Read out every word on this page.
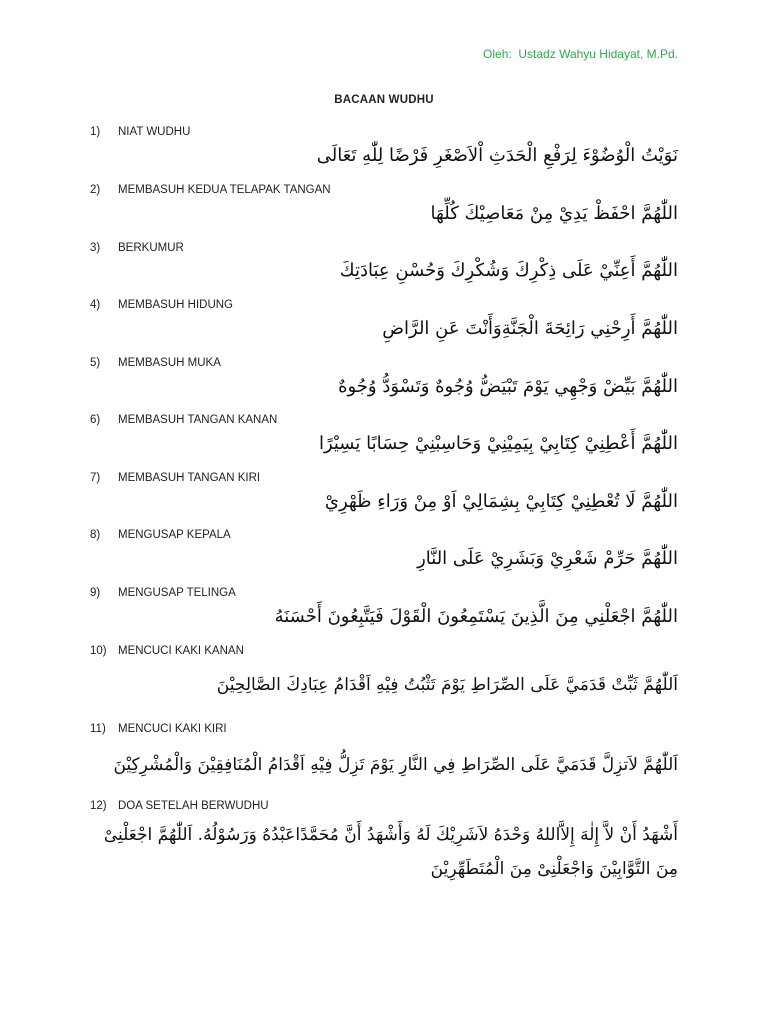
Oleh:  Ustadz Wahyu Hidayat, M.Pd.
BACAAN WUDHU
1)	NIAT WUDHU
نَوَيْتُ الْوُضُوْءَ لِرَفْعِ الْحَدَثِ اْلاَصْغَرِ فَرْضًا لِلّٰهِ تَعَالَى
2)	MEMBASUH KEDUA TELAPAK TANGAN
اللّٰهُمَّ احْفَظْ يَدِيْ مِنْ مَعَاصِيْكَ كُلِّهَا
3)	BERKUMUR
اللّٰهُمَّ أَعِنِّيْ عَلَى ذِكْرِكَ وَشُكْرِكَ وَحُسْنِ عِبَادَتِكَ
4)	MEMBASUH HIDUNG
اللّٰهُمَّ أَرِحْنِي رَائِحَةَ الْجَنَّةِوَأَنْتَ عَنِ الرَّاضِ
5)	MEMBASUH MUKA
اللّٰهُمَّ بَيِّضْ وَجْهِي يَوْمَ تَبْيَضُّ وُجُوهٌ وَتَسْوَدُّ وُجُوهٌ
6)	MEMBASUH TANGAN KANAN
اللّٰهُمَّ أَعْطِنِيْ كِتَابِيْ بِيَمِيْنِيْ وَحَاسِبْنِيْ حِسَابًا يَسِيْرًا
7)	MEMBASUH TANGAN KIRI
اللّٰهُمَّ لَا تُعْطِنِيْ كِتَابِيْ بِشِمَالِيْ اَوْ مِنْ وَرَاءِ ظَهْرِيْ
8)	MENGUSAP KEPALA
اللّٰهُمَّ حَرِّمْ شَعْرِيْ وَبَشَرِيْ عَلَى النَّارِ
9)	MENGUSAP TELINGA
اللّٰهُمَّ اجْعَلْنِي مِنَ الَّذِينَ يَسْتَمِعُونَ الْقَوْلَ فَيَتَّبِعُونَ أَحْسَنَهُ
10) MENCUCI KAKI KANAN
اَللّٰهُمَّ ثَبِّتْ قَدَمَيَّ عَلَى الصِّرَاطِ يَوْمَ تَثْبُتُ فِيْهِ اَقْدَامُ عِبَادِكَ الصَّالِحِيْنَ
11)	MENCUCI KAKI KIRI
اَللّٰهُمَّ لاَتزِلَّ قَدَمَيَّ عَلَى الصِّرَاطِ فِي النَّارِ يَوْمَ تَزِلُّ فِيْهِ اَقْدَامُ الْمُنَافِقِيْنَ وَالْمُشْرِكِيْنَ
12) DOA SETELAH BERWUDHU
أَشْهَدُ أَنْ لاَّ إِلٰهَ إِلاَّاللهُ وَحْدَهُ لاَشَرِيْكَ لَهُ وَأَشْهَدُ أَنَّ مُحَمَّدًاعَبْدُهُ وَرَسُوْلُهُ. اَللّٰهُمَّ اجْعَلْنِىْ مِنَ التَّوَّابِيْنَ وَاجْعَلْنِىْ مِنَ الْمُتَطَهِّرِيْنَ
